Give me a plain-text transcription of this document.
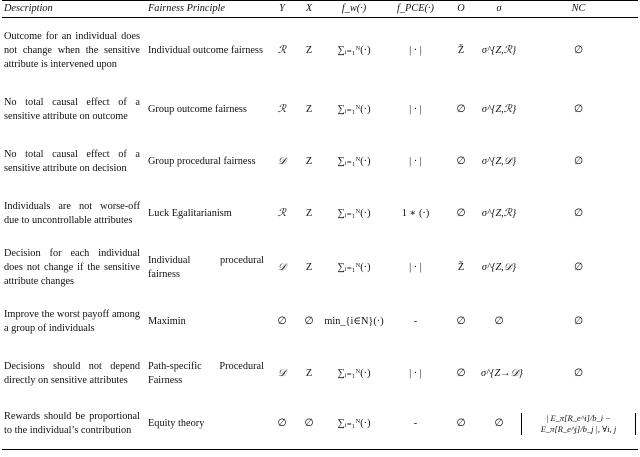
Description	Fairness Principle	Y	X	f_w(·)	f_PCE(·)	O	σ	NC
Outcome for an individual does not change when the sensitive attribute is intervened upon	Individual outcome fairness	ℛ	Z	∑ᵢ₌₁ᴺ(·)	| · |	Ž	σ^{Z,ℛ}	∅
No total causal effect of a sensitive attribute on outcome	Group outcome fairness	ℛ	Z	∑ᵢ₌₁ᴺ(·)	| · |	∅	σ^{Z,ℛ}	∅
No total causal effect of a sensitive attribute on decision	Group procedural fairness	𝒟	Z	∑ᵢ₌₁ᴺ(·)	| · |	∅	σ^{Z,𝒟}	∅
Individuals are not worse-off due to uncontrollable attributes	Luck Egalitarianism	ℛ	Z	∑ᵢ₌₁ᴺ(·)	1 ∗ (·)	∅	σ^{Z,ℛ}	∅
Decision for each individual does not change if the sensitive attribute changes	Individual procedural fairness	𝒟	Z	∑ᵢ₌₁ᴺ(·)	| · |	Ž	σ^{Z,𝒟}	∅
Improve the worst payoff among a group of individuals	Maximin	∅	∅	min_{i∈N}(·)	-	∅	∅	∅
Decisions should not depend directly on sensitive attributes	Path-specific Procedural Fairness	𝒟	Z	∑ᵢ₌₁ᴺ(·)	| · |	∅	σ^{Z→𝒟}	∅
Rewards should be proportional to the individual’s contribution	Equity theory	∅	∅	∑ᵢ₌₁ᴺ(·)	-	∅	∅	| E_π[R_e^i]/b_i − E_π[R_e^j]/b_j |, ∀i, j
